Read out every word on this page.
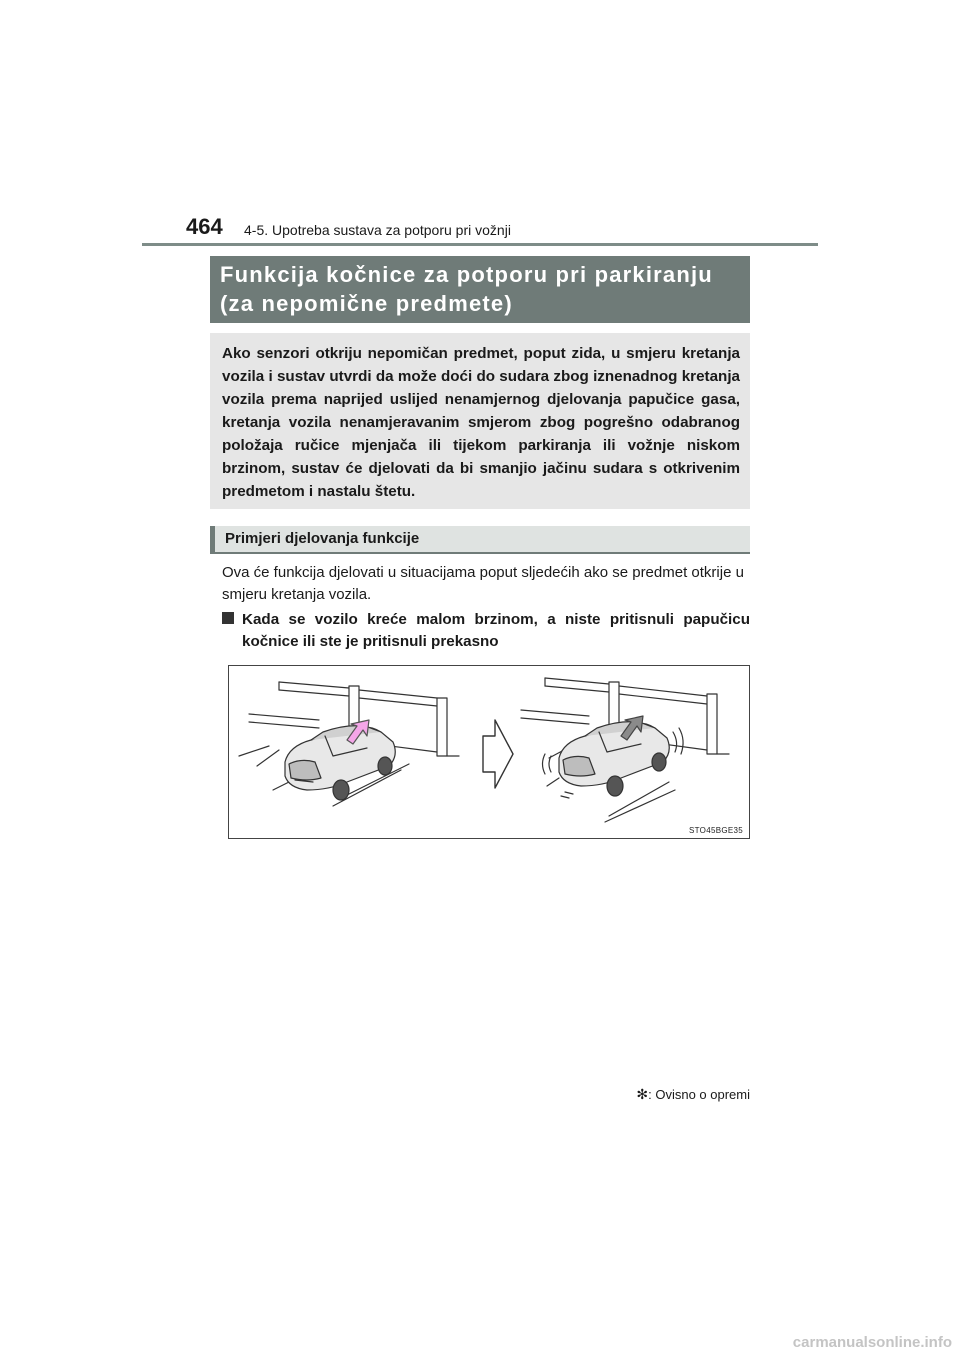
464 4-5. Upotreba sustava za potporu pri vožnji
Funkcija kočnice za potporu pri parkiranju
(za nepomične predmete)

Ako senzori otkriju nepomičan predmet, poput zida, u smjeru kretanja vozila i sustav utvrdi da može doći do sudara zbog iznenadnog kretanja vozila prema naprijed uslijed nenamjernog djelovanja papučice gasa, kretanja vozila nenamjeravanim smjerom zbog pogrešno odabranog položaja ručice mjenjača ili tijekom parkiranja ili vožnje niskom brzinom, sustav će djelovati da bi smanjio jačinu sudara s otkrivenim predmetom i nastalu štetu.

Primjeri djelovanja funkcije

Ova će funkcija djelovati u situacijama poput sljedećih ako se predmet otkrije u smjeru kretanja vozila.

Kada se vozilo kreće malom brzinom, a niste pritisnuli papučicu kočnice ili ste je pritisnuli prekasno

STO45BGE35
✻: Ovisno o opremi
carmanualsonline.info
